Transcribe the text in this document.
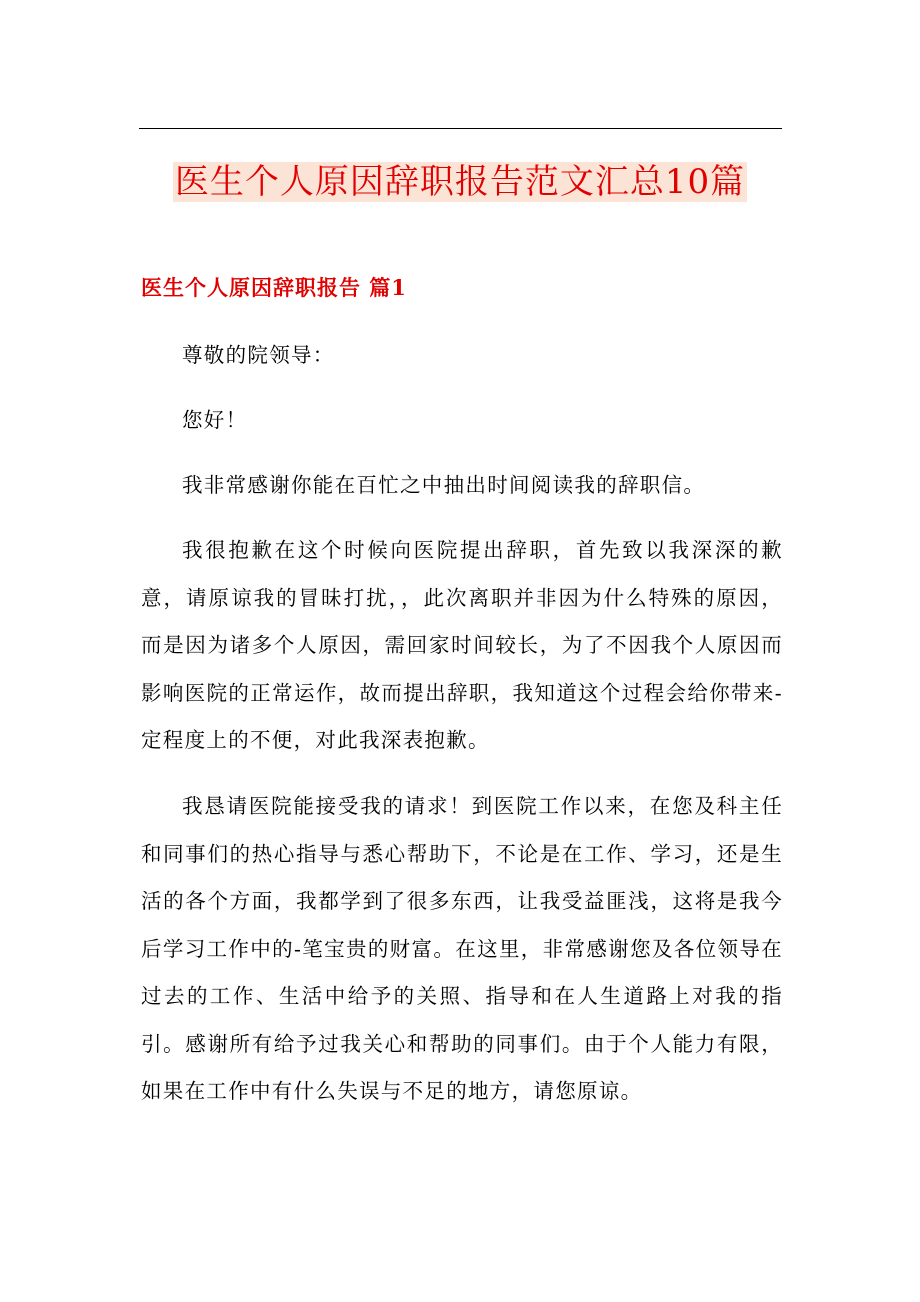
医生个人原因辞职报告范文汇总10篇
医生个人原因辞职报告 篇1

尊敬的院领导：

您好！

我非常感谢你能在百忙之中抽出时间阅读我的辞职信。

我很抱歉在这个时候向医院提出辞职，首先致以我深深的歉意，请原谅我的冒昧打扰，，此次离职并非因为什么特殊的原因，而是因为诸多个人原因，需回家时间较长，为了不因我个人原因而影响医院的正常运作，故而提出辞职，我知道这个过程会给你带来-定程度上的不便，对此我深表抱歉。

我恳请医院能接受我的请求！到医院工作以来，在您及科主任和同事们的热心指导与悉心帮助下，不论是在工作、学习，还是生活的各个方面，我都学到了很多东西，让我受益匪浅，这将是我今后学习工作中的-笔宝贵的财富。在这里，非常感谢您及各位领导在过去的工作、生活中给予的关照、指导和在人生道路上对我的指引。感谢所有给予过我关心和帮助的同事们。由于个人能力有限，如果在工作中有什么失误与不足的地方，请您原谅。
